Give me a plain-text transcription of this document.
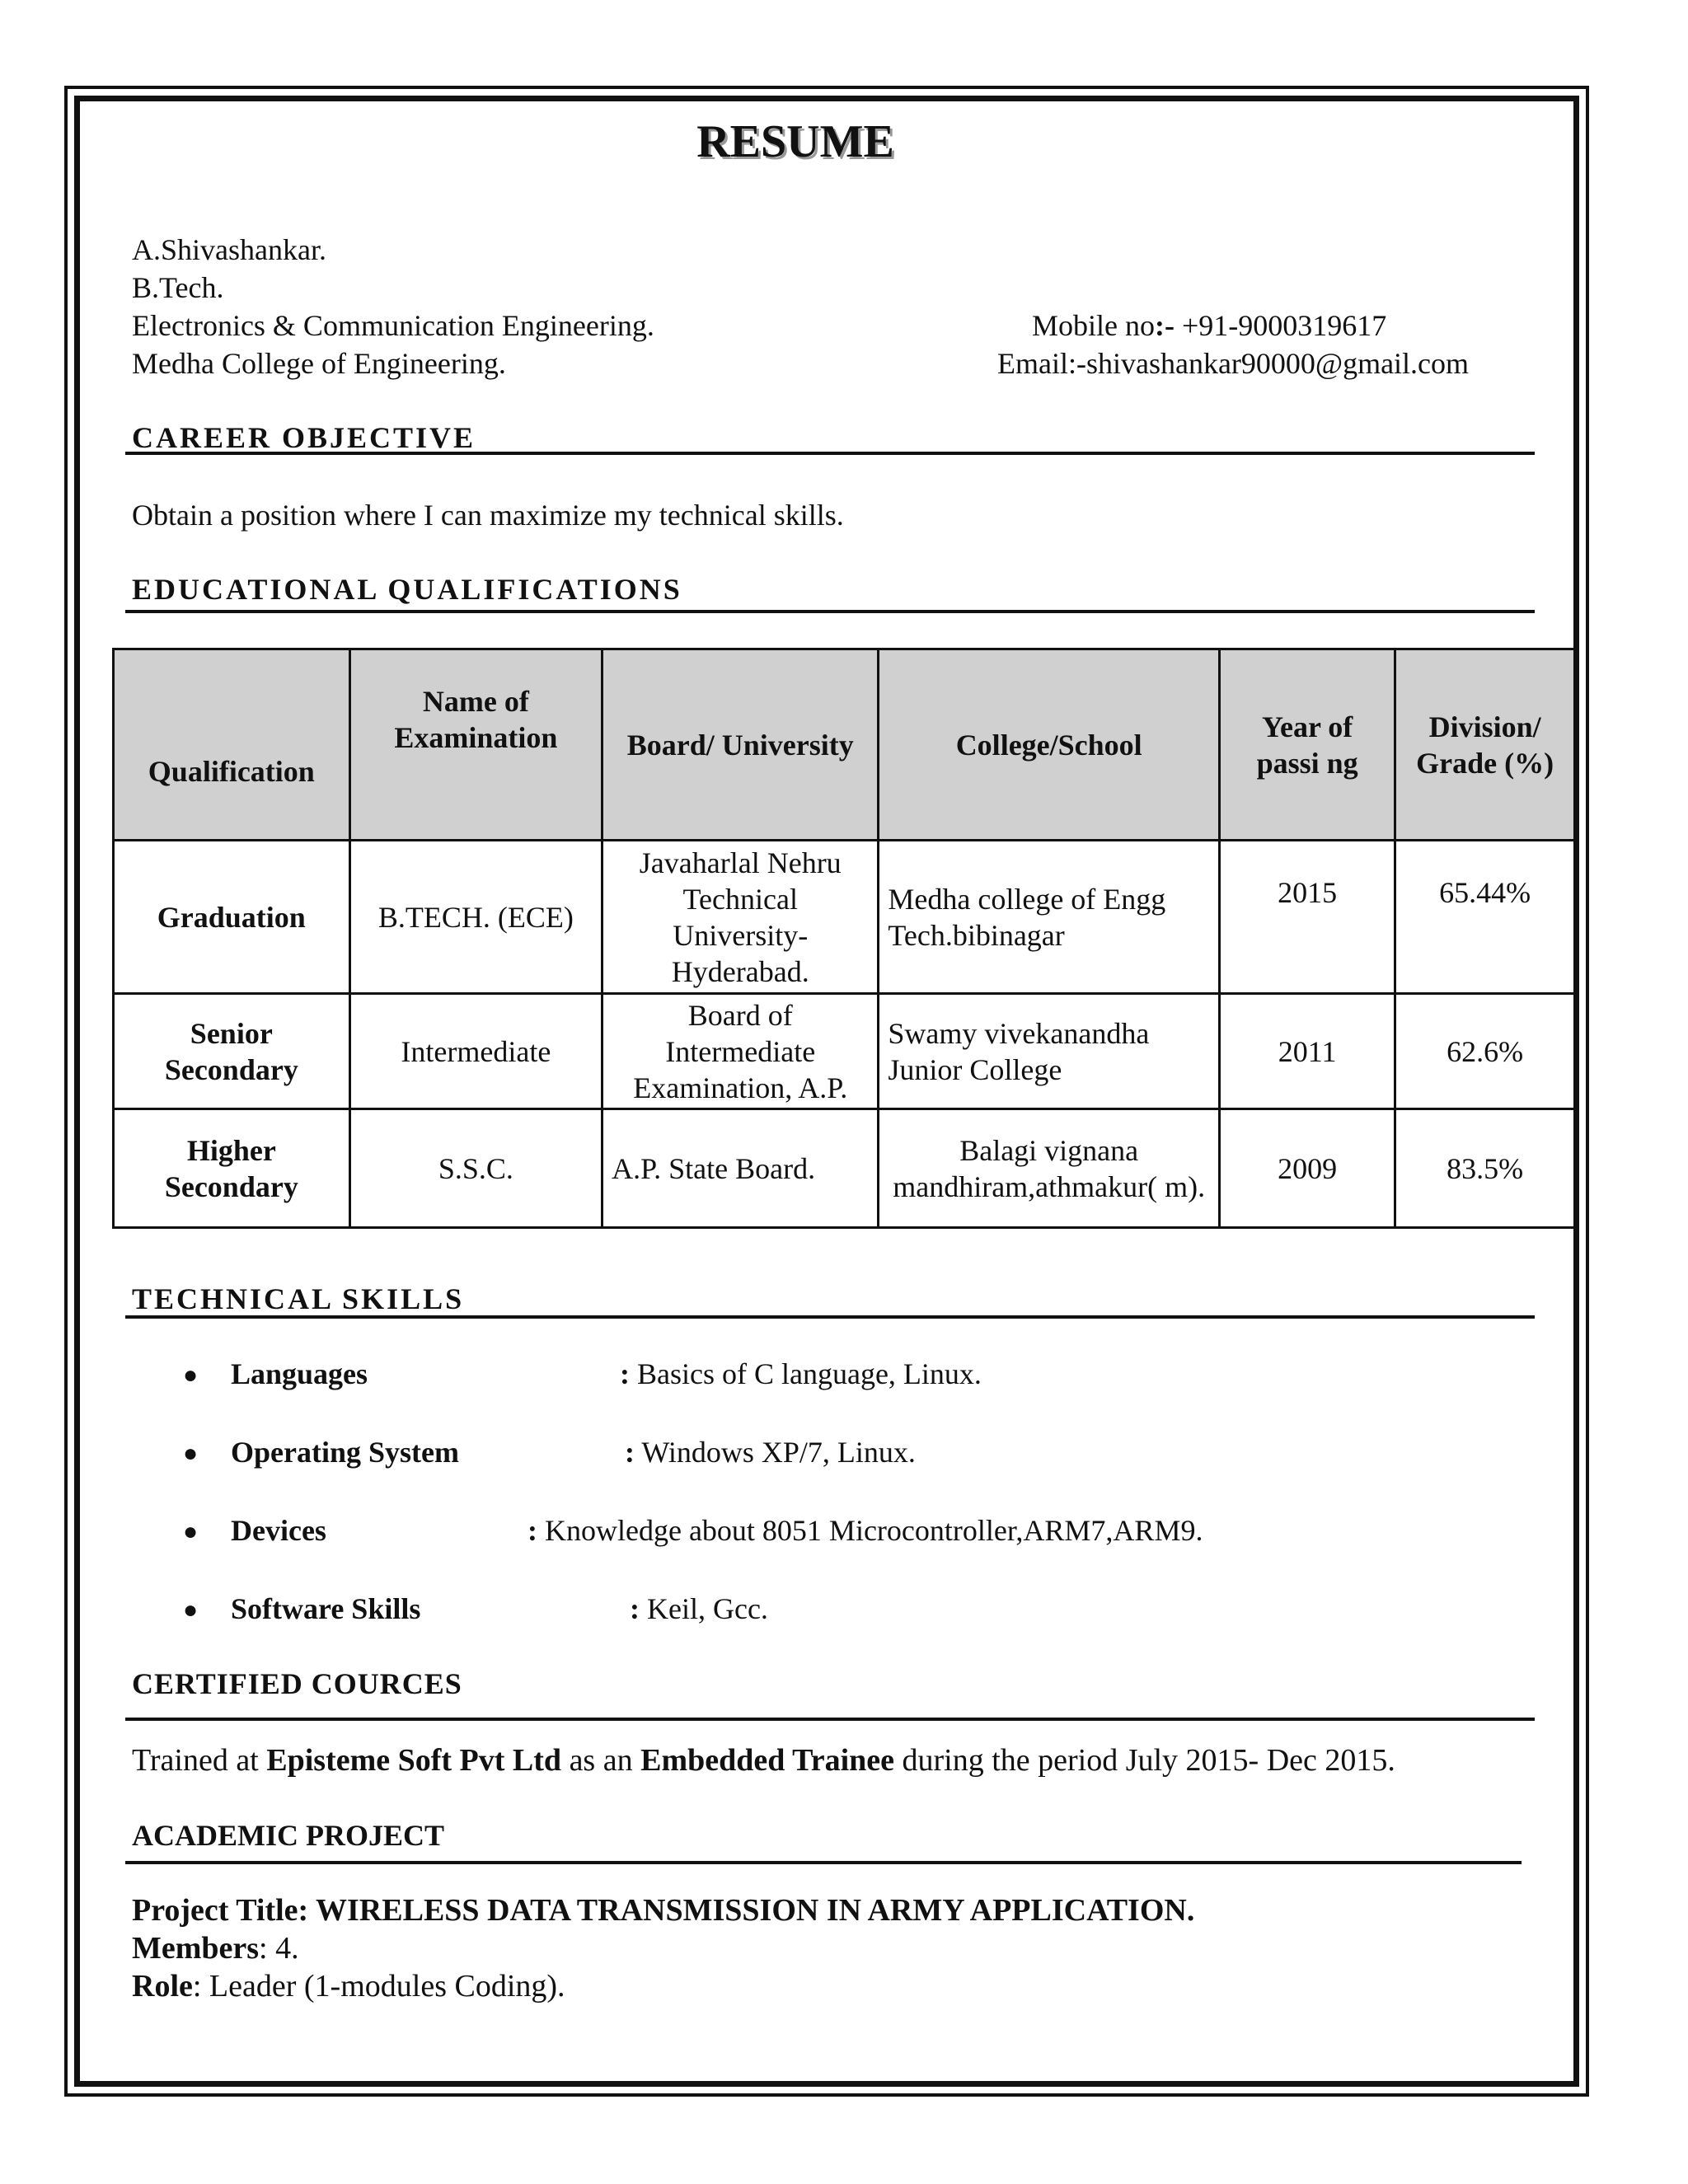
RESUME
A.Shivashankar.
B.Tech.
Electronics & Communication Engineering.
Medha College of Engineering.
Mobile no:- +91-9000319617
Email:-shivashankar90000@gmail.com
CAREER OBJECTIVE
Obtain a position where I can maximize my technical skills.
EDUCATIONAL QUALIFICATIONS
Qualification	Name of Examination	Board/ University	College/School	Year of passi ng	Division/ Grade (%)
Graduation	B.TECH. (ECE)	Javaharlal Nehru Technical University- Hyderabad.	Medha college of Engg Tech.bibinagar	2015	65.44%
Senior Secondary	Intermediate	Board of Intermediate Examination, A.P.	Swamy vivekanandha Junior College	2011	62.6%
Higher Secondary	S.S.C.	A.P. State Board.	Balagi vignana mandhiram,athmakur( m).	2009	83.5%
TECHNICAL SKILLS
● Languages	: Basics of C language, Linux.
● Operating System	: Windows XP/7, Linux.
● Devices	: Knowledge about 8051 Microcontroller,ARM7,ARM9.
● Software Skills	: Keil, Gcc.
CERTIFIED COURCES
Trained at Episteme Soft Pvt Ltd as an Embedded Trainee during the period July 2015- Dec 2015.
ACADEMIC PROJECT
Project Title: WIRELESS DATA TRANSMISSION IN ARMY APPLICATION.
Members: 4.
Role: Leader (1-modules Coding).
